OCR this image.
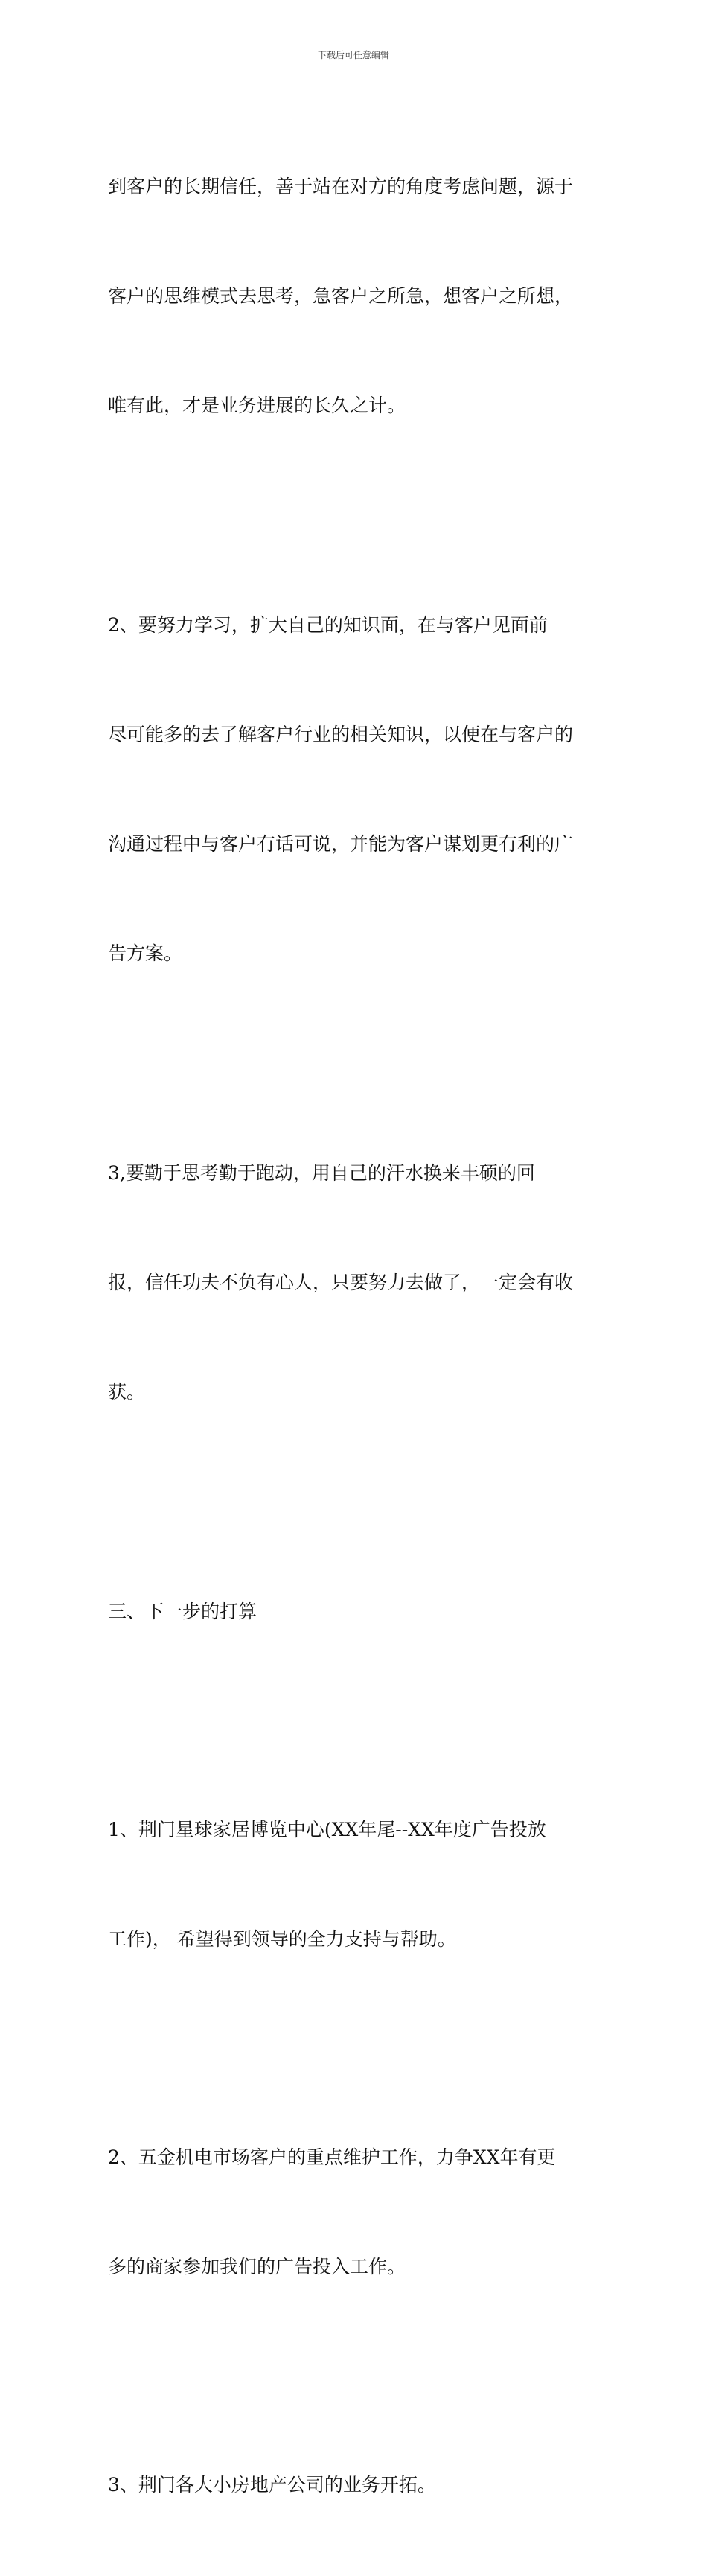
下载后可任意编辑

到客户的长期信任，善于站在对方的角度考虑问题，源于

客户的思维模式去思考，急客户之所急，想客户之所想，

唯有此，才是业务进展的长久之计。

2、要努力学习，扩大自己的知识面，在与客户见面前

尽可能多的去了解客户行业的相关知识，以便在与客户的

沟通过程中与客户有话可说，并能为客户谋划更有利的广

告方案。

3,要勤于思考勤于跑动，用自己的汗水换来丰硕的回

报，信任功夫不负有心人，只要努力去做了，一定会有收

获。

三、下一步的打算

1、荆门星球家居博览中心(XX年尾--XX年度广告投放

工作)， 希望得到领导的全力支持与帮助。

2、五金机电市场客户的重点维护工作，力争XX年有更

多的商家参加我们的广告投入工作。

3、荆门各大小房地产公司的业务开拓。
